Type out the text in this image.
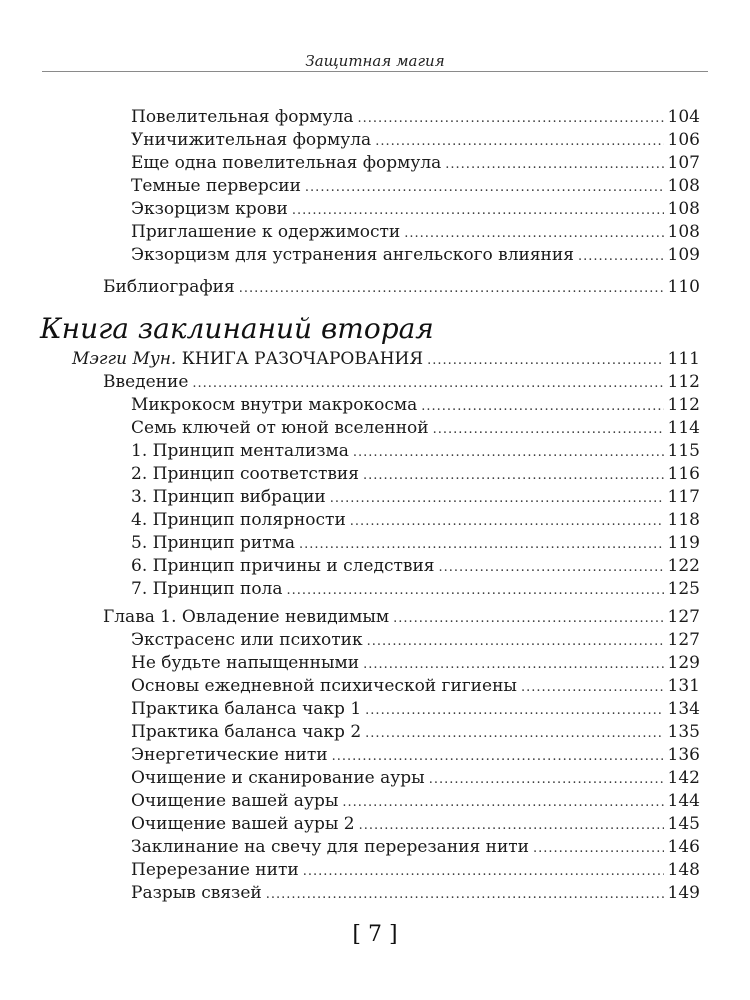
Защитная магия
Книга заклинаний вторая
Повелительная формула .....	104
Уничижительная формула .....	106
Еще одна повелительная формула .....	107
Темные перверсии .....	108
Экзорцизм крови .....	108
Приглашение к одержимости .....	108
Экзорцизм для устранения ангельского влияния .....	109
Библиография .....	110
Мэгги Мун. КНИГА РАЗОЧАРОВАНИЯ .....	111
Введение .....	112
Микрокосм внутри макрокосма .....	112
Семь ключей от юной вселенной .....	114
1. Принцип ментализма .....	115
2. Принцип соответствия .....	116
3. Принцип вибрации .....	117
4. Принцип полярности .....	118
5. Принцип ритма .....	119
6. Принцип причины и следствия .....	122
7. Принцип пола .....	125
Глава 1. Овладение невидимым .....	127
Экстрасенс или психотик .....	127
Не будьте напыщенными .....	129
Основы ежедневной психической гигиены .....	131
Практика баланса чакр 1 .....	134
Практика баланса чакр 2 .....	135
Энергетические нити .....	136
Очищение и сканирование ауры .....	142
Очищение вашей ауры .....	144
Очищение вашей ауры 2 .....	145
Заклинание на свечу для перерезания нити .....	146
Перерезание нити .....	148
Разрыв связей .....	149
[ 7 ]
